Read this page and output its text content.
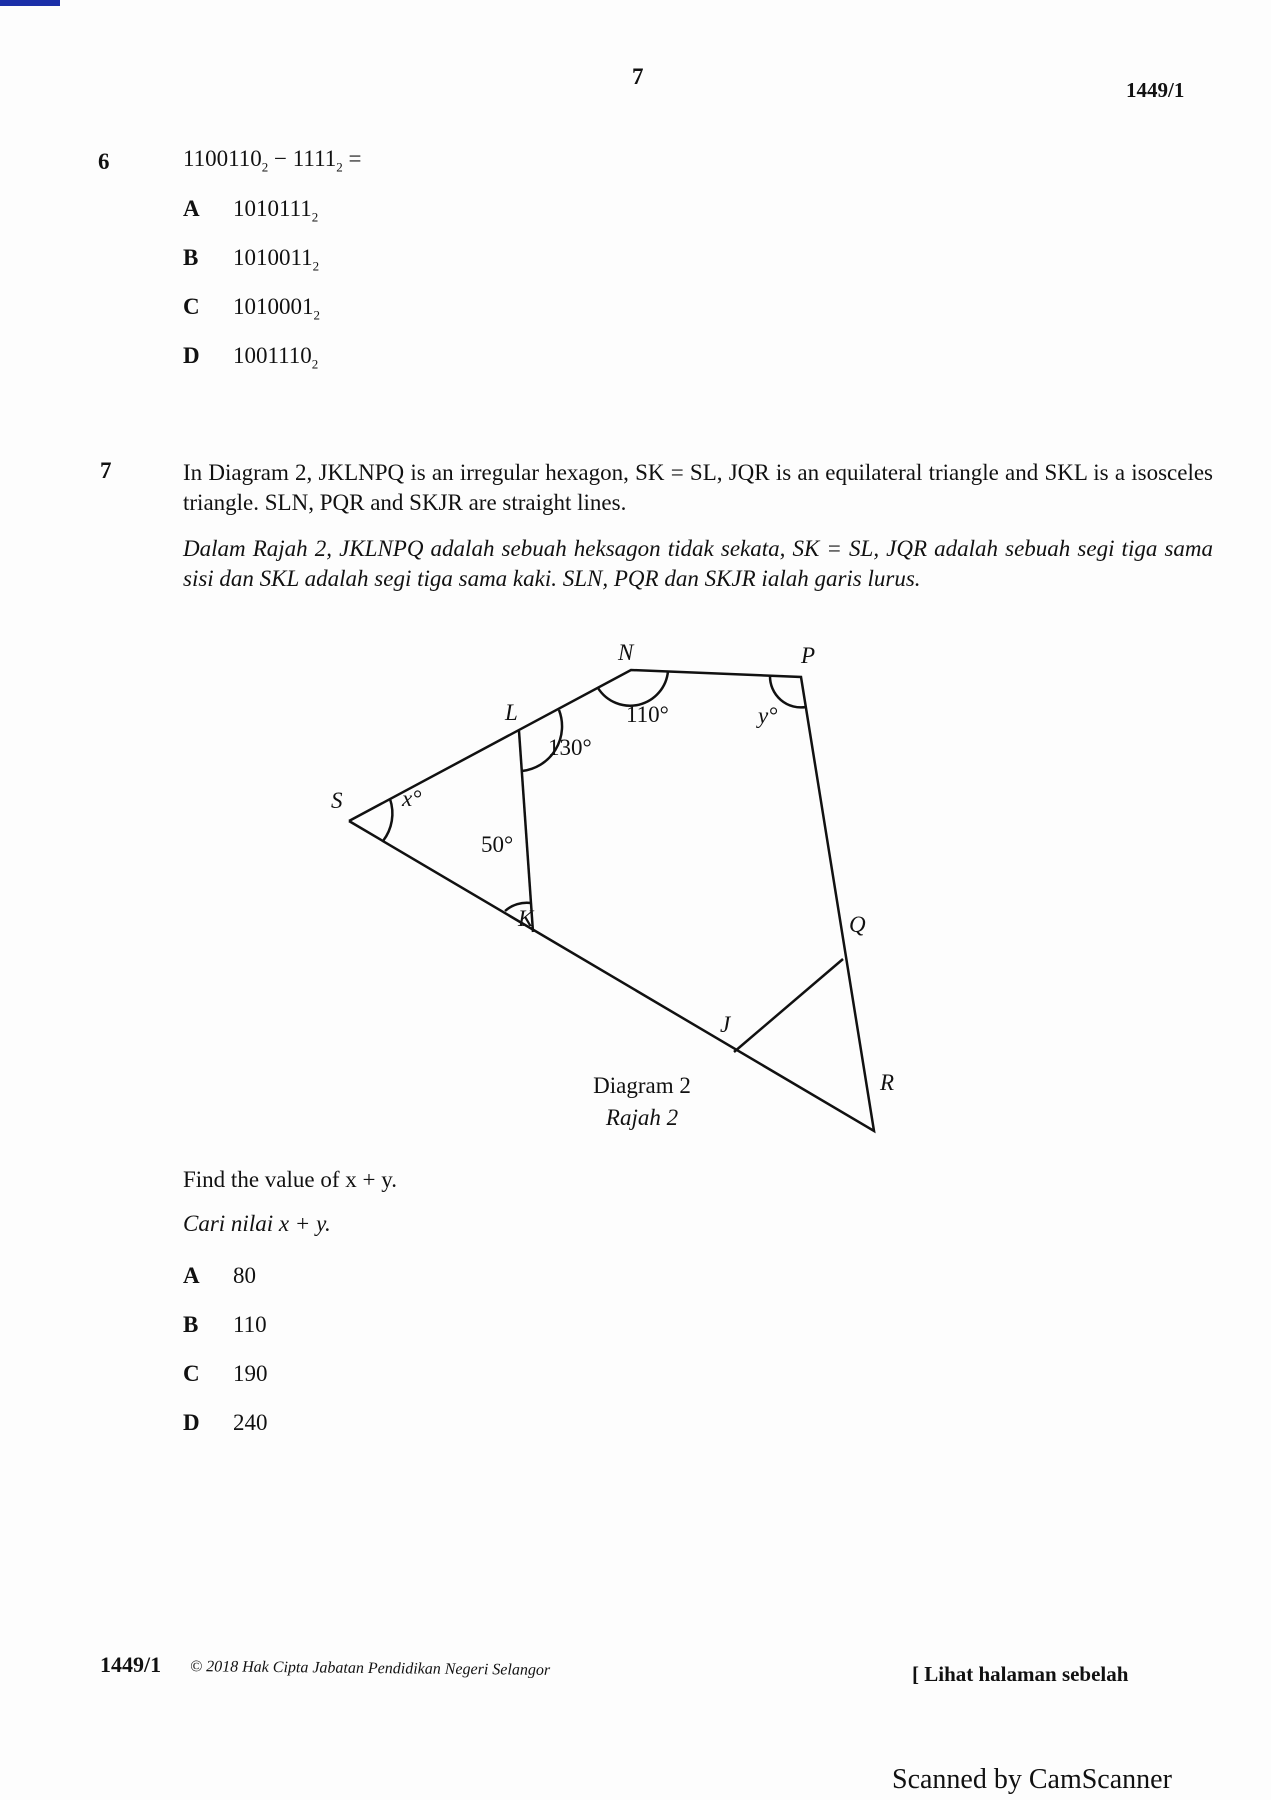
7
1449/1
6	$1100110_2 - 1111_2$ =
A $1010111_2$
B $1010011_2$
C $1010001_2$
D $1001110_2$
7	In Diagram 2, JKLNPQ is an irregular hexagon, SK = SL, JQR is an equilateral triangle and SKL is a isosceles triangle. SLN, PQR and SKJR are straight lines.
Dalam Rajah 2, JKLNPQ adalah sebuah heksagon tidak sekata, SK = SL, JQR adalah sebuah segi tiga sama sisi dan SKL adalah segi tiga sama kaki. SLN, PQR dan SKJR ialah garis lurus.
S
L
N	P
Q
R
J
K
x°
y°
110°
130°
50°
Diagram 2
Rajah 2
Find the value of x + y.
Cari nilai x + y.
A 80
B 110
C 190
D 240
1449/1 © 2018 Hak Cipta Jabatan Pendidikan Negeri Selangor	[ Lihat halaman sebelah
Scanned by CamScanner
